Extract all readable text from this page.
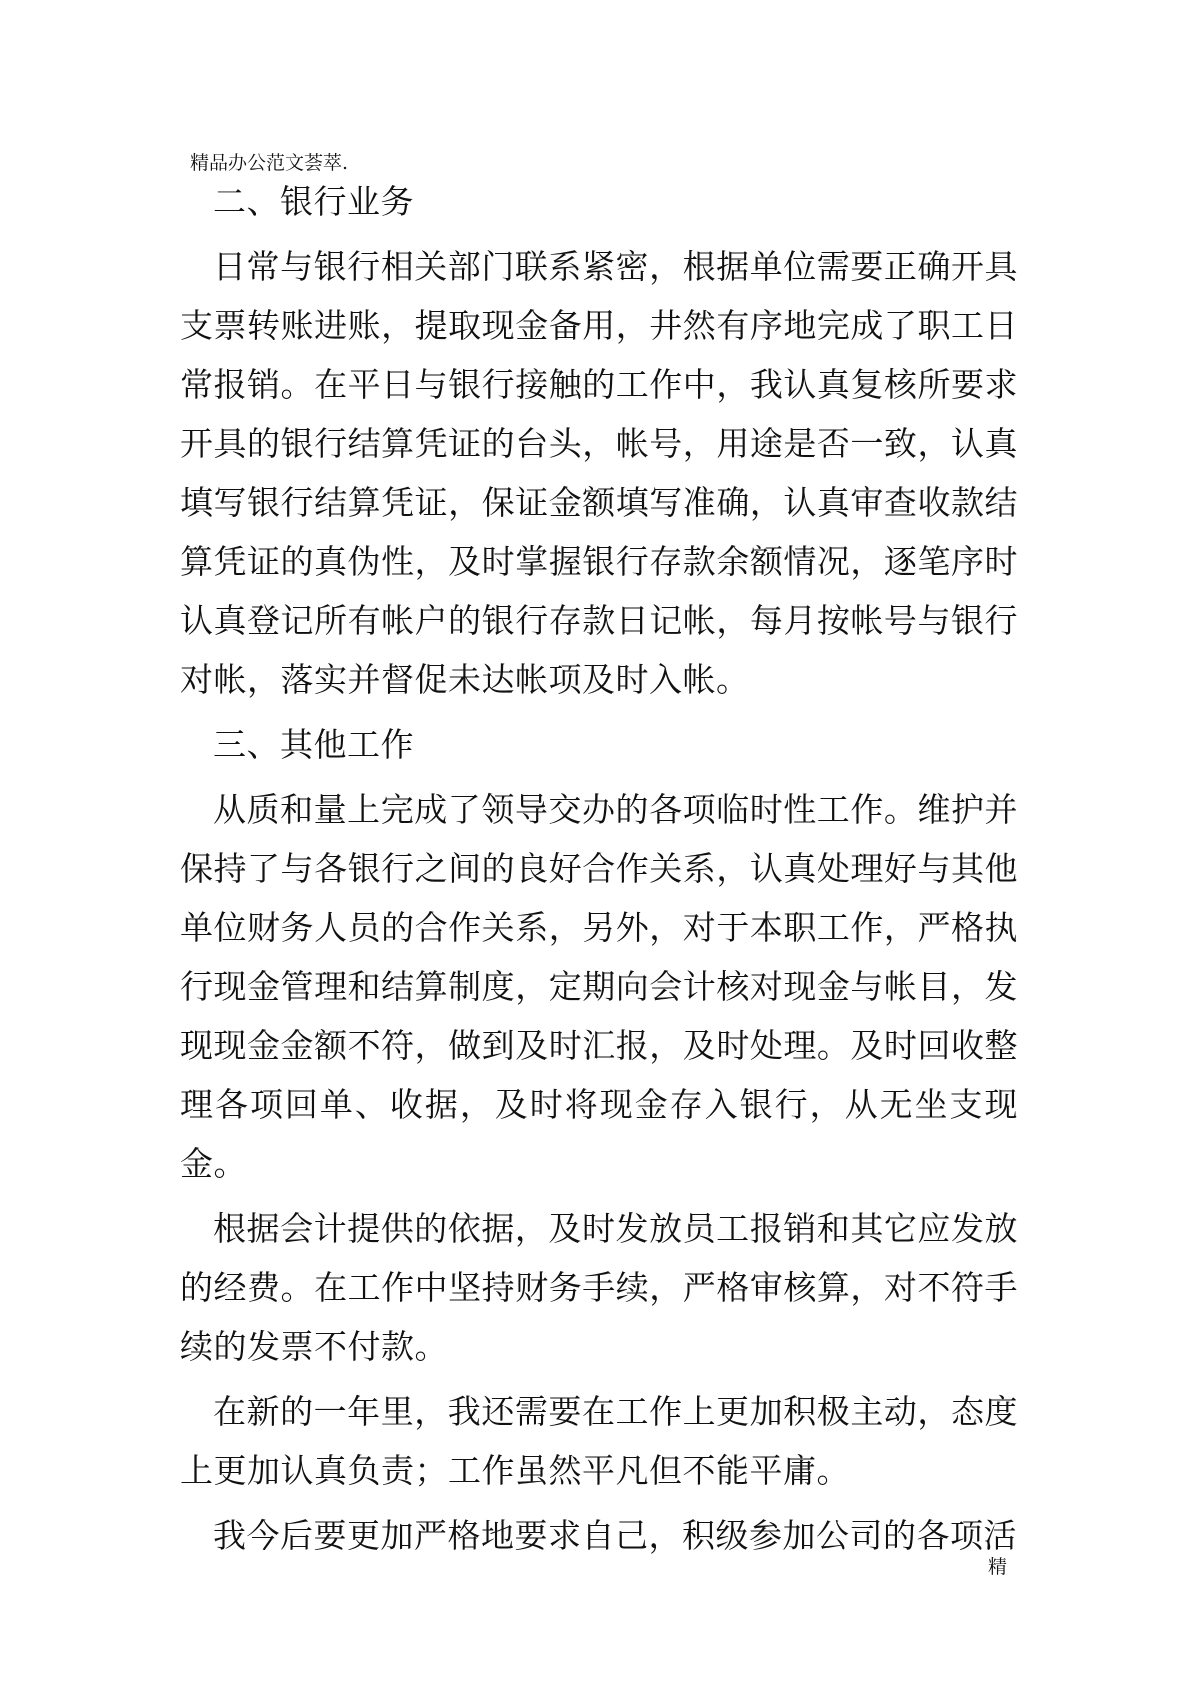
精品办公范文荟萃.

二、银行业务

日常与银行相关部门联系紧密，根据单位需要正确开具支票转账进账，提取现金备用，井然有序地完成了职工日常报销。在平日与银行接触的工作中，我认真复核所要求开具的银行结算凭证的台头，帐号，用途是否一致，认真填写银行结算凭证，保证金额填写准确，认真审查收款结算凭证的真伪性，及时掌握银行存款余额情况，逐笔序时认真登记所有帐户的银行存款日记帐，每月按帐号与银行对帐，落实并督促未达帐项及时入帐。

三、其他工作

从质和量上完成了领导交办的各项临时性工作。维护并保持了与各银行之间的良好合作关系，认真处理好与其他单位财务人员的合作关系，另外，对于本职工作，严格执行现金管理和结算制度，定期向会计核对现金与帐目，发现现金金额不符，做到及时汇报，及时处理。及时回收整理各项回单、收据，及时将现金存入银行，从无坐支现金。

根据会计提供的依据，及时发放员工报销和其它应发放的经费。在工作中坚持财务手续，严格审核算，对不符手续的发票不付款。

在新的一年里，我还需要在工作上更加积极主动，态度上更加认真负责；工作虽然平凡但不能平庸。

我今后要更加严格地要求自己，积级参加公司的各项活

精
